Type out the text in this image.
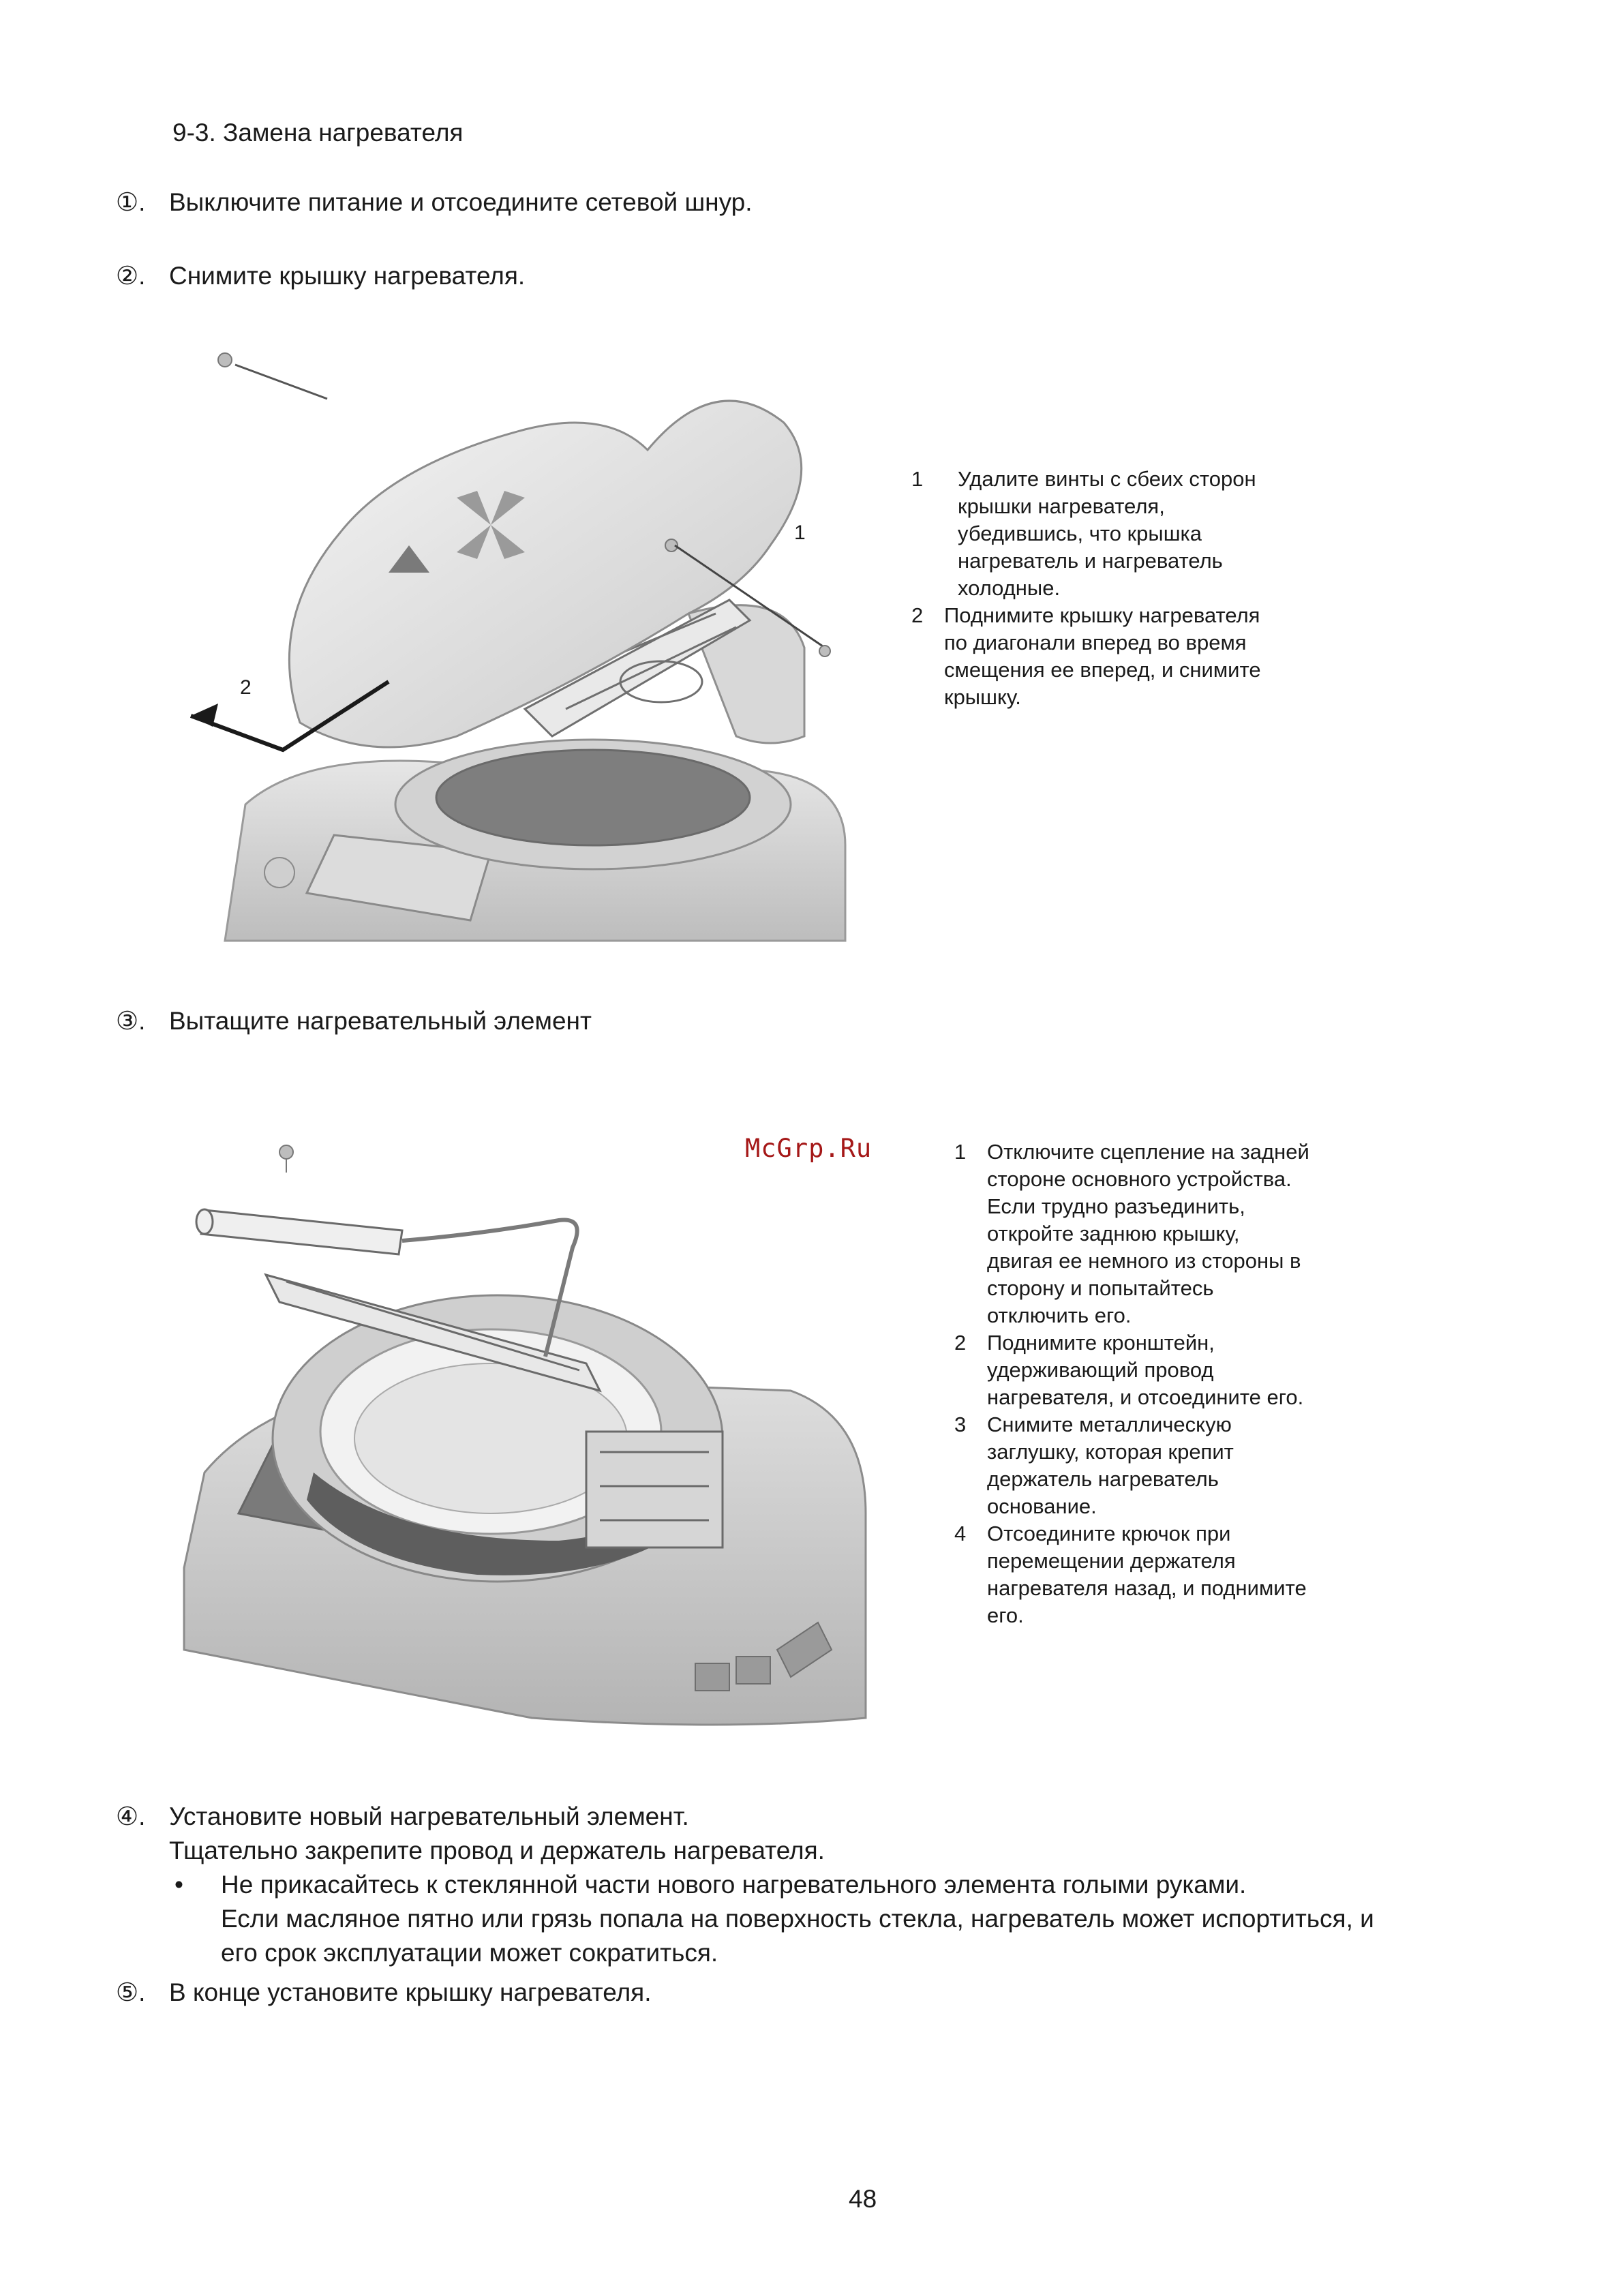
9-3. Замена нагревателя
①. Выключите питание и отсоедините сетевой шнур.
②. Снимите крышку нагревателя.
1
2
1	Удалите винты с сбеих сторон
крышки нагревателя,
убедившись, что крышка
нагреватель и нагреватель
холодные.
2 Поднимите крышку нагревателя
по диагонали вперед во время
смещения ее вперед, и снимите
крышку.
③. Вытащите нагревательный элемент
McGrp.Ru	1 Отключите сцепление на задней
стороне основного устройства.
Если трудно разъединить,
откройте заднюю крышку,
двигая ее немного из стороны в
сторону и попытайтесь
отключить его.
2 Поднимите кронштейн,
удерживающий провод
нагревателя, и отсоедините его.
3 Снимите металлическую
заглушку, которая крепит
держатель нагреватель
основание.
4 Отсоедините крючок при
перемещении держателя
нагревателя назад, и поднимите
его.
④. Установите новый нагревательный элемент.
Тщательно закрепите провод и держатель нагревателя.
•	Не прикасайтесь к стеклянной части нового нагревательного элемента голыми руками.
Если масляное пятно или грязь попала на поверхность стекла, нагреватель может испортиться, и
его срок эксплуатации может сократиться.
⑤. В конце установите крышку нагревателя.
48
